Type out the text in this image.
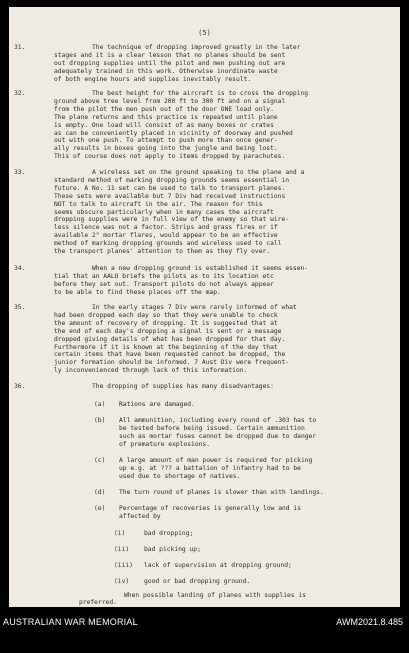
(5)
31.	The technique of dropping improved greatly in the later
stages and it is a clear lesson that no planes should be sent
out dropping supplies until the pilot and men pushing out are
adequately trained in this work. Otherwise inordinate waste
of both engine hours and supplies inevitably result.
32.	The best height for the aircraft is to cross the dropping
ground above tree level from 200 ft to 300 ft and on a signal
from the pilot the men push out of the door ONE load only.
The plane returns and this practice is repeated until plane
is empty. One load will consist of as many boxes or crates
as can be conveniently placed in vicinity of doorway and pushed
out with one push. To attempt to push more than once gener-
ally results in boxes going into the jungle and being lost.
This of course does not apply to items dropped by parachutes.
33.	A wireless set on the ground speaking to the plane and a
standard method of marking dropping grounds seems essential in
future. A No. 11 set can be used to talk to transport planes.
These sets were available but 7 Div had received instructions
NOT to talk to aircraft in the air. The reason for this
seems obscure particularly when in many cases the aircraft
dropping supplies were in full view of the enemy so that wire-
less silence was not a factor. Strips and grass fires or if
available 2" mortar flares, would appear to be an effective
method of marking dropping grounds and wireless used to call
the transport planes' attention to them as they fly over.
34.	When a new dropping ground is established it seems essen-
tial that an AALO briefs the pilots as to its location etc
before they set out. Transport pilots do not always appear
to be able to find these places off the map.
35.	In the early stages 7 Div were rarely informed of what
had been dropped each day so that they were unable to check
the amount of recovery of dropping. It is suggested that at
the end of each day's dropping a signal is sent or a message
dropped giving details of what has been dropped for that day.
Furthermore if it is known at the beginning of the day that
certain items that have been requested cannot be dropped, the
junior formation should be informed. 7 Aust Div were frequent-
ly inconvenienced through lack of this information.
36.	The dropping of supplies has many disadvantages:
(a) Rations are damaged.
(b) All ammunition, including every round of .303 has to
be tested before being issued. Certain ammunition
such as mortar fuses cannot be dropped due to danger
of premature explosions.
(c) A large amount of man power is required for picking
up e.g. at ??? a battalion of infantry had to be
used due to shortage of natives.
(d) The turn round of planes is slower than with landings.
(e) Percentage of recoveries is generally low and is
affected by
(i)	bad dropping;
(ii) bad picking up;
(iii) lack of supervision at dropping ground;
(iv) good or bad dropping ground.
When possible landing of planes with supplies is
preferred.
AUSTRALIAN WAR MEMORIAL	AWM2021.8.485
